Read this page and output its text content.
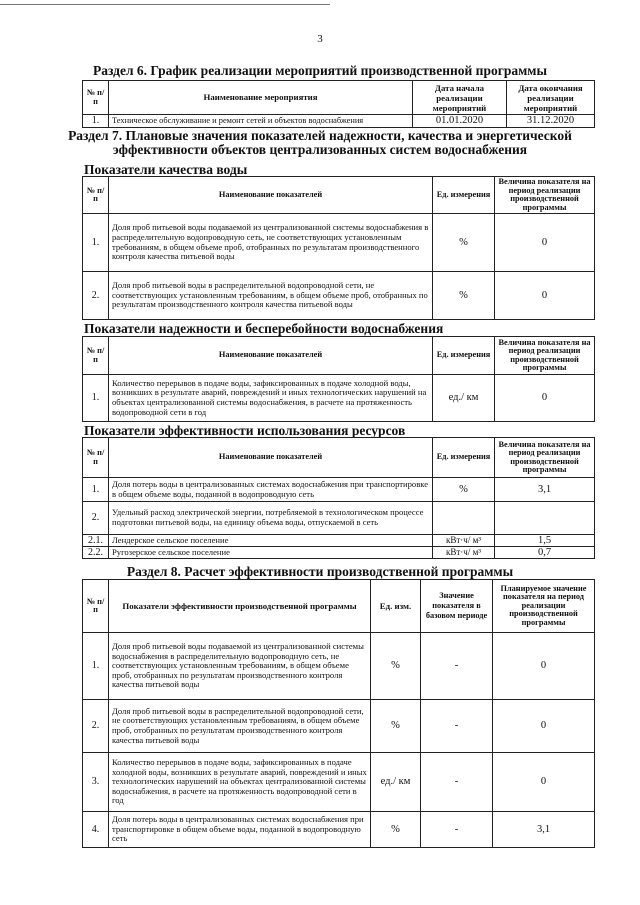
3
Раздел 6. График реализации мероприятий производственной программы
№ п/п	Наименование мероприятия	Дата начала реализации мероприятий	Дата окончания реализации мероприятий
1.	Техническое обслуживание и ремонт сетей и объектов водоснабжения	01.01.2020	31.12.2020
Раздел 7. Плановые значения показателей надежности, качества и энергетической
эффективности объектов централизованных систем водоснабжения
Показатели качества воды
№ п/п	Наименование показателей	Ед. измерения	Величина показателя на период реализации производственной программы
1.	Доля проб питьевой воды подаваемой из централизованной системы водоснабжения в распределительную водопроводную сеть, не соответствующих установленным требованиям, в общем объеме проб, отобранных по результатам производственного контроля качества питьевой воды	%	0
2.	Доля проб питьевой воды в распределительной водопроводной сети, не соответствующих установленным требованиям, в общем объеме проб, отобранных по результатам производственного контроля качества питьевой воды	%	0
Показатели надежности и бесперебойности водоснабжения
№ п/п	Наименование показателей	Ед. измерения	Величина показателя на период реализации производственной программы
1.	Количество перерывов в подаче воды, зафиксированных в подаче холодной воды, возникших в результате аварий, повреждений и иных технологических нарушений на объектах централизованной системы водоснабжения, в расчете на протяженность водопроводной сети в год	ед./ км	0
Показатели эффективности использования ресурсов
№ п/п	Наименование показателей	Ед. измерения	Величина показателя на период реализации производственной программы
1.	Доля потерь воды в централизованных системах водоснабжения при транспортировке в общем объеме воды, поданной в водопроводную сеть	%	3,1
2.	Удельный расход электрической энергии, потребляемой в технологическом процессе подготовки питьевой воды, на единицу объема воды, отпускаемой в сеть		
2.1.	Лендерское сельское поселение	кВт·ч/ м³	1,5
2.2.	Ругозерское сельское поселение	кВт·ч/ м³	0,7
Раздел 8. Расчет эффективности производственной программы
№ п/п	Показатели эффективности производственной программы	Ед. изм.	Значение показателя в базовом периоде	Планируемое значение показателя на период реализации производственной программы
1.	Доля проб питьевой воды подаваемой из централизованной системы водоснабжения в распределительную водопроводную сеть, не соответствующих установленным требованиям, в общем объеме проб, отобранных по результатам производственного контроля качества питьевой воды	%	-	0
2.	Доля проб питьевой воды в распределительной водопроводной сети, не соответствующих установленным требованиям, в общем объеме проб, отобранных по результатам производственного контроля качества питьевой воды	%	-	0
3.	Количество перерывов в подаче воды, зафиксированных в подаче холодной воды, возникших в результате аварий, повреждений и иных технологических нарушений на объектах централизованной системы водоснабжения, в расчете на протяженность водопроводной сети в год	ед./ км	-	0
4.	Доля потерь воды в централизованных системах водоснабжения при транспортировке в общем объеме воды, поданной в водопроводную сеть	%	-	3,1
